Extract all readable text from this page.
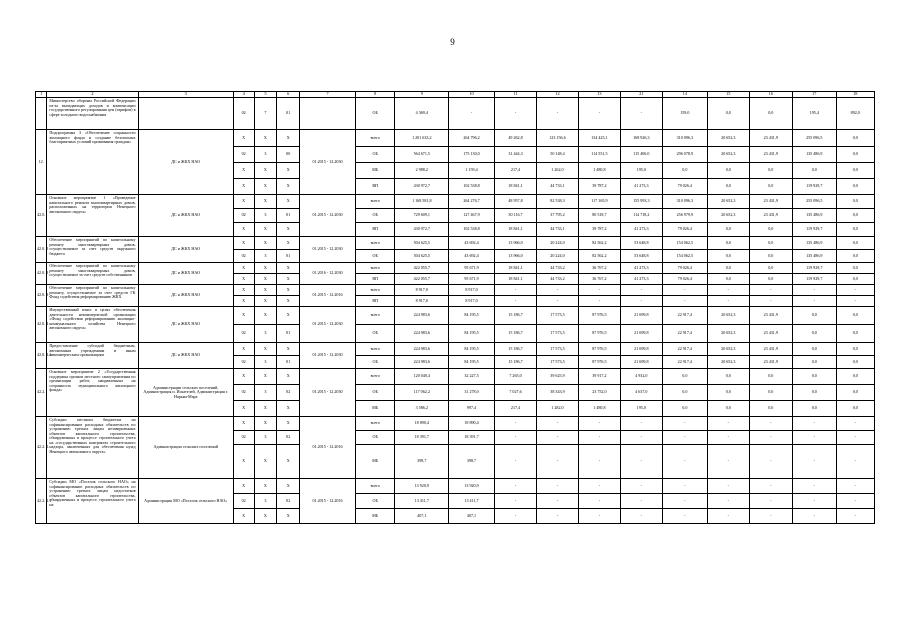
9
1	2	3	4	5	6	7	8	9	10	11	12	13	21	14	15	16	17	18
	Министерство обороны Российской Федерации из-за выпадающих доходов и компенсации государственного регулирования цен (тарифов) в сфере холодного водоснабжения		02	7	01		ОБ	4 369,4	-	-	-	-	-	159,0	0,0	0,0	195,4	892,0
12.	Подпрограмма 3 «Обеспечение сохранности жилищного фонда и создание безопасных благоприятных условий проживания граждан»	ДС и ЖКХ НАО	Х	Х	Х	01.2015 - 12.2030	всего	1 201 633,2	264 796,2	49 262,8	123 156,6	134 425,1	168 926,3	310 096,3	20 652,3	23 431,9	255 096,5	0,0
			02	3	00		ОБ	564 671,5	175 130,0	31 444,3	50 148,4	114 551,5	115 406,0	296 078,9	20 652,3	23 431,9	135 486,9	0,0
			Х	Х	Х		МБ	2 988,2	1 159,4	217,4	1 262,0	1 480,8	195,0	0,0	0,0	0,0	0,0	0,0
			Х	Х	Х		ВП	430 972,7	102 538,8	18 841,1	44 733,1	39 787,2	41 273,3	79 026,4	0,0	0,0	119 929,7	0,0
42.0.	Основное мероприятие 1 «Проведение капитального ремонта многоквартирных домов, расположенных на территории Ненецкого автономного округа»	ДС и ЖКХ НАО	Х	Х	Х	01.2015 - 12.2030	всего	1 168 581,8	264 276,7	48 957,8	82 538,3	117 165,9	155 993,3	310 096,3	20 652,3	23 431,9	255 096,5	0,0
			02	3	01		ОБ	729 609,1	127 467,9	30 116,7	37 795,2	80 518,7	114 718,2	256 979,9	20 652,3	23 431,9	135 486,9	0,0
			Х	Х	Х		ВП	430 972,7	102 538,8	18 841,1	44 733,1	39 787,2	41 273,3	79 026,4	0,0	0,0	119 929,7	0,0
42.0. 1	Обеспечение мероприятий по капитальному ремонту многоквартирных домов, осуществляемое за счет средств окружного бюджета	ДС и ЖКХ НАО	Х	Х	Х	01.2015 - 12.2030	всего	504 625,5	43 692,4	13 966,0	20 224,0	82 562,2	53 648,8	154 062,5	0,0	0,0	135 486,9	0,0
			02	3	01		ОБ	504 625,5	43 692,4	13 966,0	20 224,0	82 562,2	53 648,8	154 062,5	0,0	0,0	135 486,9	0,0
42.0. 2	Обеспечение мероприятий по капитальному ремонту многоквартирных домов, осуществляемое за счет средств собственников	ДС и ЖКХ НАО	Х	Х	Х	01.2016 - 12.2030	всего	422 055,7	95 671,9	18 841,1	44 733,2	36 767,2	41 273,3	79 026,4	0,0	0,0	119 929,7	0,0
			Х	Х	Х		ВП	422 055,7	95 671,9	18 841,1	44 733,2	36 767,2	41 273,3	79 026,4	0,0	0,0	119 929,7	0,0
42.0. 3	Обеспечение мероприятий по капитальному ремонту, осуществляемое за счет средств ГК Фонд содействия реформированию ЖКХ	ДС и ЖКХ НАО	Х	Х	Х	01.2015 - 12.2016	всего	8 917,0	8 917,0	-	-	-	-	-	-	-	-	-
			Х	Х	Х		ВП	8 917,0	8 917,0	-	-	-	-	-	-	-	-	-
42.0. 4	Имущественный взнос в целях обеспечения деятельности некоммерческой организации «Фонд содействия реформированию жилищно-коммунального хозяйства Ненецкого автономного округа»	ДС и ЖКХ НАО	Х	Х	Х	01.2015 - 12.2030	всего	224 983,6	84 195,5	15 186,7	17 573,5	87 976,5	21 699,8	22 917,4	20 652,3	23 431,9	0,0	0,0
			02	3	01		ОБ	224 983,6	84 195,5	15 186,7	17 573,5	87 976,5	21 699,8	22 917,4	20 652,3	23 431,9	0,0	0,0
42.0. 4.1.	Предоставление субсидий бюджетным, автономным учреждениям и иным некоммерческим организациям	ДС и ЖКХ НАО	Х	Х	Х	01.2015 - 12.2030	всего	224 983,6	84 195,5	15 186,7	17 573,5	87 976,5	21 699,8	22 917,4	20 652,3	23 431,9	0,0	0,0
			02	3	01		ОБ	224 983,6	84 195,5	15 186,7	17 573,5	87 976,5	21 699,8	22 917,4	20 652,3	23 431,9	0,0	0,0
42.2.	Основное мероприятие 2 «Государственная поддержка органов местного самоуправления по организации работ, направленных на сохранность муниципального жилищного фонда»	Администрации сельских поселений, Администрация п. Искателей, Администрация г. Нарьян-Мара	Х	Х	Х	01.2015 - 12.2030	всего	120 040,4	32 227,5	7 265,0	39 625,9	39 917,2	4 932,0	0,0	0,0	0,0	0,0	0,0
			02	3	02		ОБ	117 062,2	31 278,0	7 027,6	38 343,9	23 752,0	4 637,0	0,0	0,0	0,0	0,0	0,0
			Х	Х	Х		МБ	3 586,2	997,4	217,4	1 282,0	1 480,8	195,0	0,0	0,0	0,0	0,0	0,0
42.2. 1.	Субсидии местным бюджетам на софинансирование расходных обязательств по устранению третьих лицам незавершенных объектов капитального строительства, обнаруженных в процессе строительного учета на «государственных контрактах строительного надзора, заключенных для обеспечения нужд Ненецкого автономного округа»	Администрации сельских поселений	Х	Х	Х	01.2015 - 12.2016	всего	18 890,4	18 890,4	-	-	-	-	-	-	-	-	-
			02	3	02		ОБ	18 391,7	18 391,7	-	-	-	-	-	-	-	-	-
			Х	Х	Х		МБ	398,7	398,7	-	-	-	-	-	-	-	-	-
42.2. 1.1.	Субсидии МО «Поселок сельского НАО» на софинансирование расходных обязательств по устранению третьих лицам недостатков объектов капитального строительства, обнаруженных в процессе строительного учета на	Администрация МО «Поселок сельского НАО»	Х	Х	Х	01.2015 - 12.2016	всего	13 920,9	13 920,9	-	-	-	-	-	-	-	-	-
			02	3	02		ОБ	13 411,7	13 411,7	-	-	-	-	-	-	-	-	-
			Х	Х	Х		МБ	407,1	407,1	-	-	-	-	-	-	-	-	-
